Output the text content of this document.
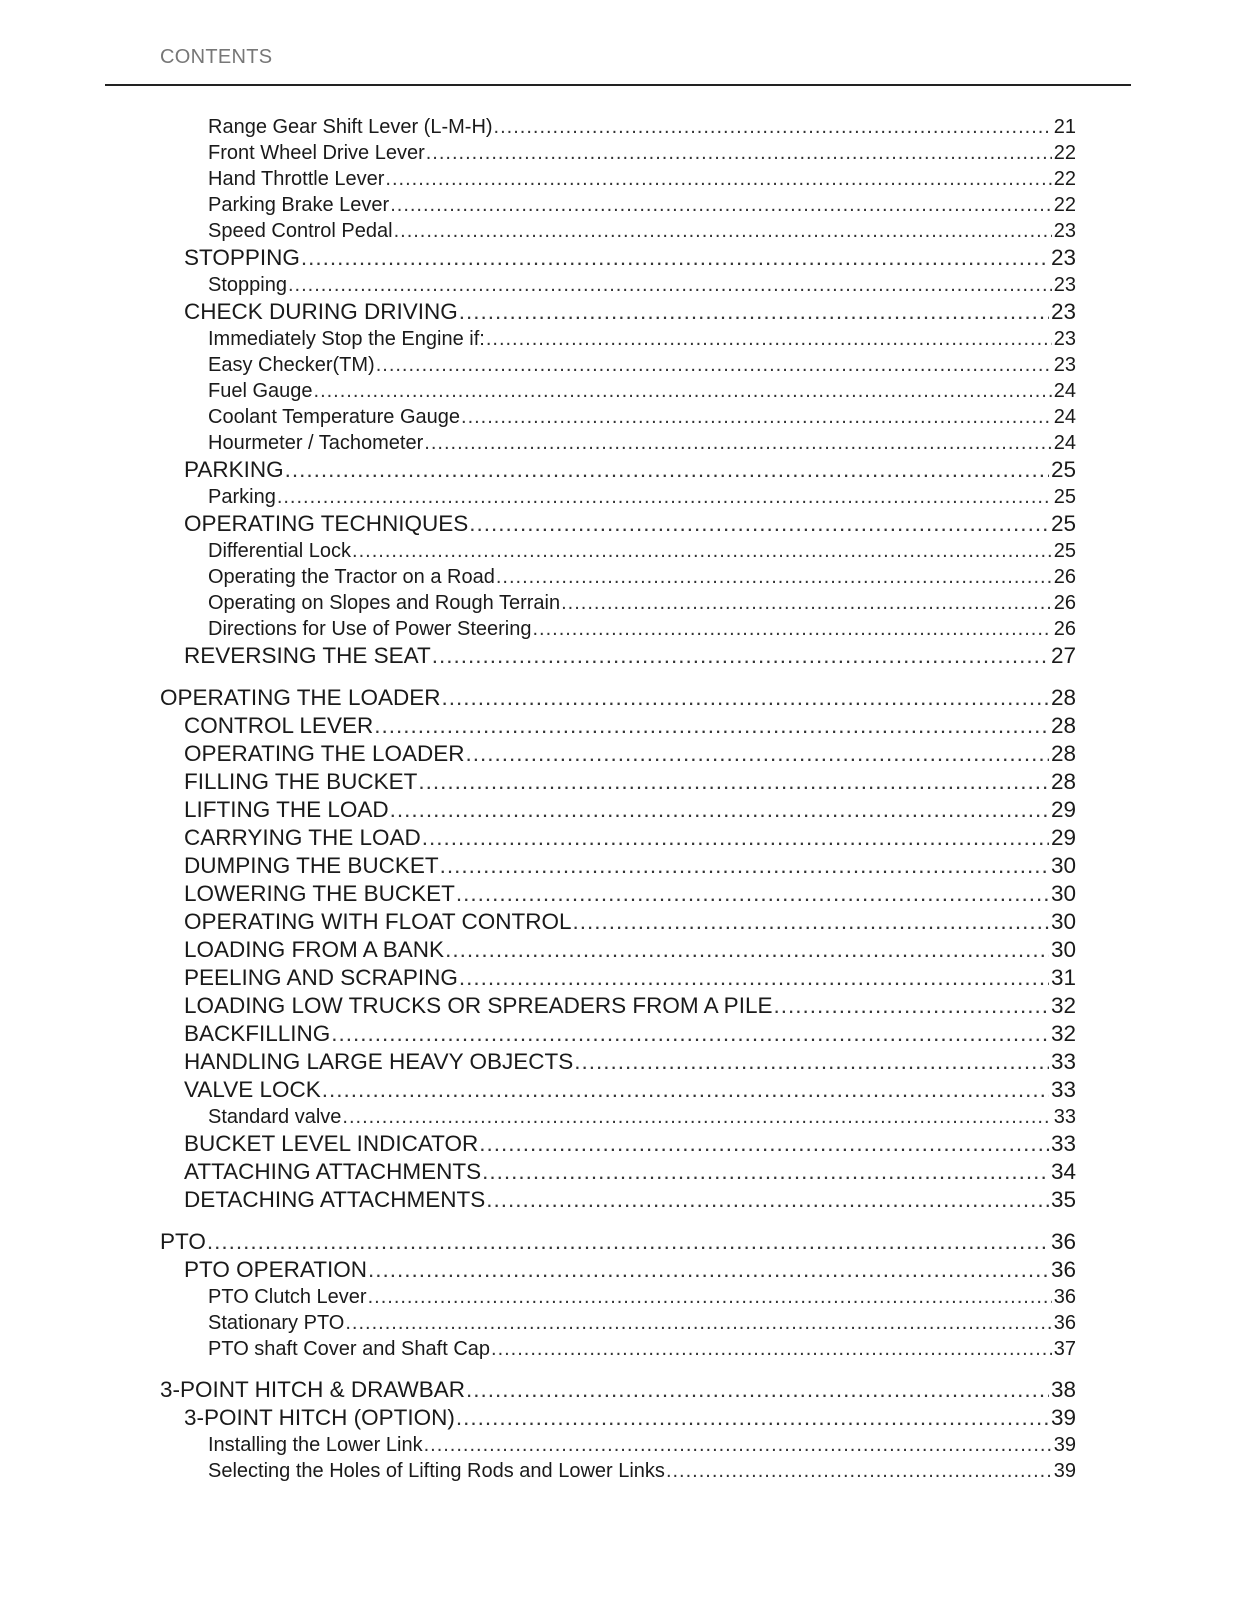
CONTENTS
Range Gear Shift Lever (L-M-H) .....	21
Front Wheel Drive Lever .....	22
Hand Throttle Lever .....	22
Parking Brake Lever .....	22
Speed Control Pedal .....	23
STOPPING .....	23
Stopping .....	23
CHECK DURING DRIVING .....	23
Immediately Stop the Engine if: .....	23
Easy Checker(TM) .....	23
Fuel Gauge .....	24
Coolant Temperature Gauge .....	24
Hourmeter / Tachometer .....	24
PARKING .....	25
Parking .....	25
OPERATING TECHNIQUES .....	25
Differential Lock .....	25
Operating the Tractor on a Road .....	26
Operating on Slopes and Rough Terrain .....	26
Directions for Use of Power Steering .....	26
REVERSING THE SEAT .....	27
OPERATING THE LOADER .....	28
CONTROL LEVER .....	28
OPERATING THE LOADER .....	28
FILLING THE BUCKET .....	28
LIFTING THE LOAD .....	29
CARRYING THE LOAD .....	29
DUMPING THE BUCKET .....	30
LOWERING THE BUCKET .....	30
OPERATING WITH FLOAT CONTROL .....	30
LOADING FROM A BANK .....	30
PEELING AND SCRAPING .....	31
LOADING LOW TRUCKS OR SPREADERS FROM A PILE .....	32
BACKFILLING .....	32
HANDLING LARGE HEAVY OBJECTS .....	33
VALVE LOCK .....	33
Standard valve .....	33
BUCKET LEVEL INDICATOR .....	33
ATTACHING ATTACHMENTS .....	34
DETACHING ATTACHMENTS .....	35
PTO .....	36
PTO OPERATION .....	36
PTO Clutch Lever .....	36
Stationary PTO .....	36
PTO shaft Cover and Shaft Cap .....	37
3-POINT HITCH & DRAWBAR .....	38
3-POINT HITCH (OPTION) .....	39
Installing the Lower Link .....	39
Selecting the Holes of Lifting Rods and Lower Links .....	39
